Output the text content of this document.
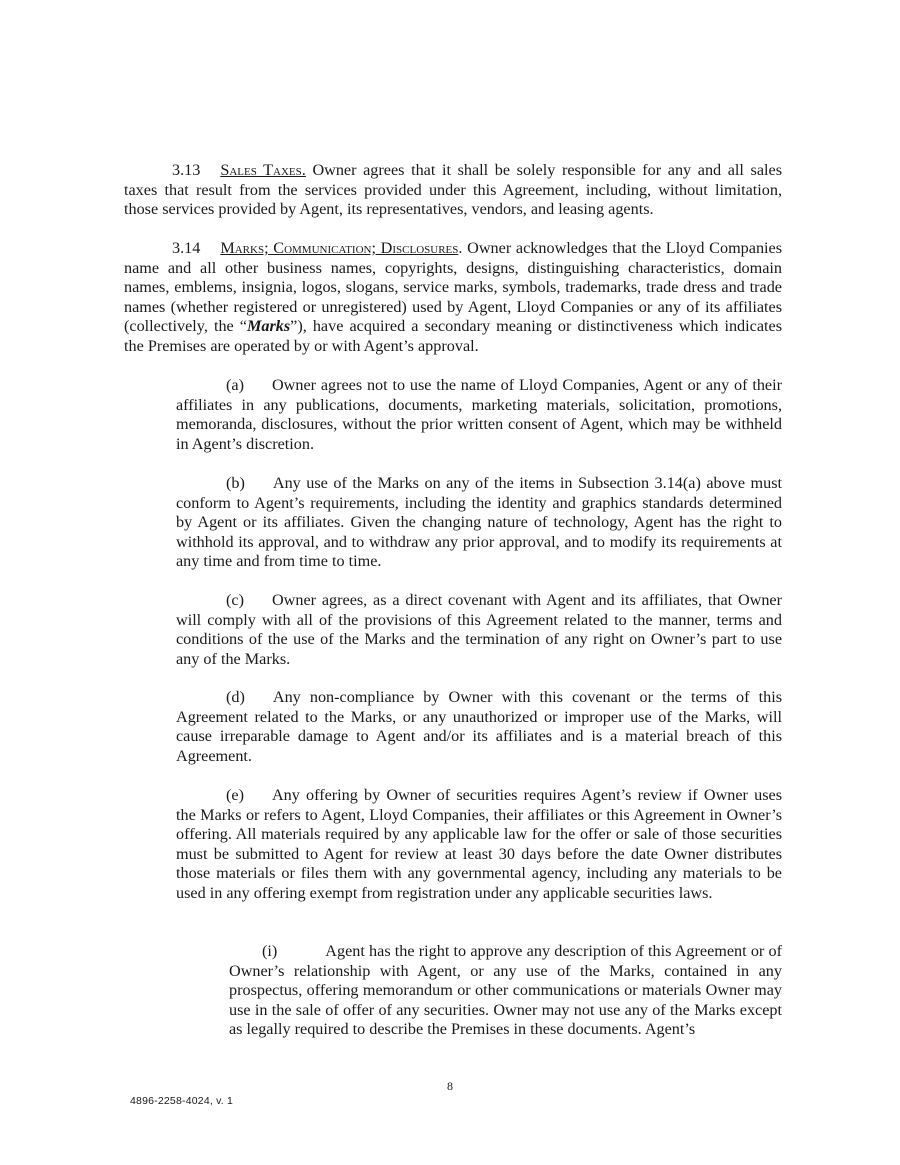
3.13 Sales Taxes. Owner agrees that it shall be solely responsible for any and all sales taxes that result from the services provided under this Agreement, including, without limitation, those services provided by Agent, its representatives, vendors, and leasing agents.

3.14 Marks; Communication; Disclosures. Owner acknowledges that the Lloyd Companies name and all other business names, copyrights, designs, distinguishing characteristics, domain names, emblems, insignia, logos, slogans, service marks, symbols, trademarks, trade dress and trade names (whether registered or unregistered) used by Agent, Lloyd Companies or any of its affiliates (collectively, the “Marks”), have acquired a secondary meaning or distinctiveness which indicates the Premises are operated by or with Agent’s approval.

(a) Owner agrees not to use the name of Lloyd Companies, Agent or any of their affiliates in any publications, documents, marketing materials, solicitation, promotions, memoranda, disclosures, without the prior written consent of Agent, which may be withheld in Agent’s discretion.

(b) Any use of the Marks on any of the items in Subsection 3.14(a) above must conform to Agent’s requirements, including the identity and graphics standards determined by Agent or its affiliates. Given the changing nature of technology, Agent has the right to withhold its approval, and to withdraw any prior approval, and to modify its requirements at any time and from time to time.

(c) Owner agrees, as a direct covenant with Agent and its affiliates, that Owner will comply with all of the provisions of this Agreement related to the manner, terms and conditions of the use of the Marks and the termination of any right on Owner’s part to use any of the Marks.

(d) Any non-compliance by Owner with this covenant or the terms of this Agreement related to the Marks, or any unauthorized or improper use of the Marks, will cause irreparable damage to Agent and/or its affiliates and is a material breach of this Agreement.

(e) Any offering by Owner of securities requires Agent’s review if Owner uses the Marks or refers to Agent, Lloyd Companies, their affiliates or this Agreement in Owner’s offering. All materials required by any applicable law for the offer or sale of those securities must be submitted to Agent for review at least 30 days before the date Owner distributes those materials or files them with any governmental agency, including any materials to be used in any offering exempt from registration under any applicable securities laws.

(i)	Agent has the right to approve any description of this Agreement or of Owner’s relationship with Agent, or any use of the Marks, contained in any prospectus, offering memorandum or other communications or materials Owner may use in the sale of offer of any securities. Owner may not use any of the Marks except as legally required to describe the Premises in these documents. Agent’s

8
4896-2258-4024, v. 1
